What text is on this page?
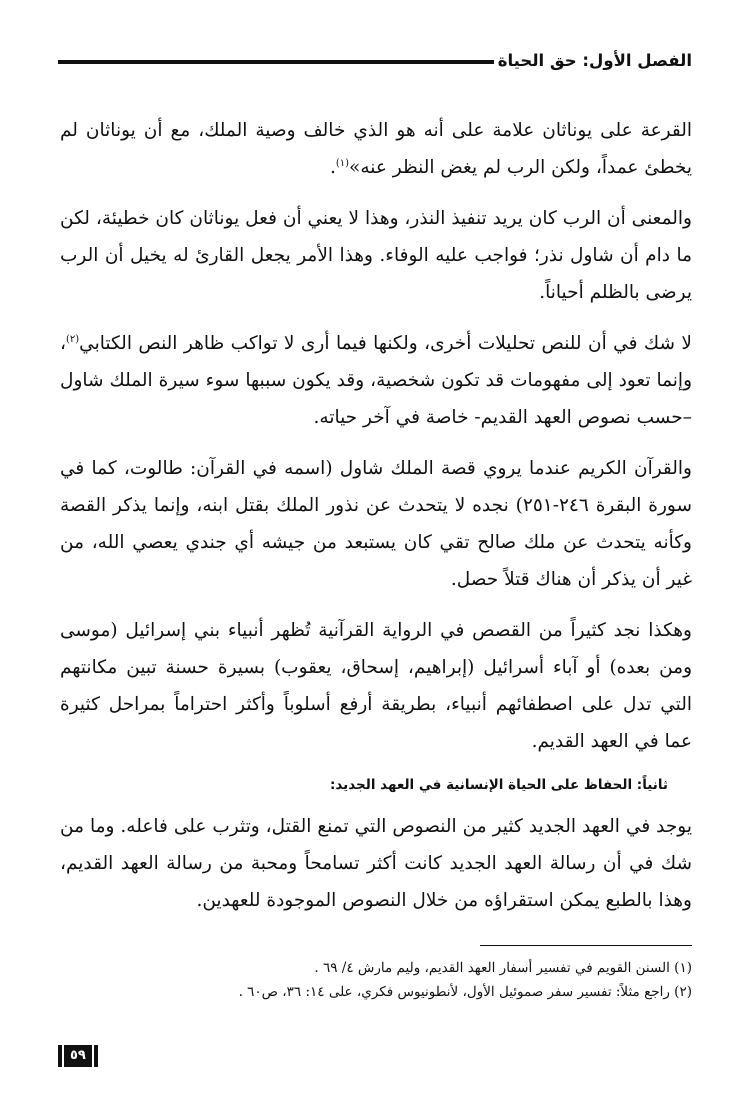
الفصل الأول: حق الحياة

القرعة على يوناثان علامة على أنه هو الذي خالف وصية الملك، مع أن يوناثان لم يخطئ عمداً، ولكن الرب لم يغض النظر عنه»$^{(١)}$.

والمعنى أن الرب كان يريد تنفيذ النذر، وهذا لا يعني أن فعل يوناثان كان خطيئة، لكن ما دام أن شاول نذر؛ فواجب عليه الوفاء. وهذا الأمر يجعل القارئ له يخيل أن الرب يرضى بالظلم أحياناً.

لا شك في أن للنص تحليلات أخرى، ولكنها فيما أرى لا تواكب ظاهر النص الكتابي$^{(٢)}$، وإنما تعود إلى مفهومات قد تكون شخصية، وقد يكون سببها سوء سيرة الملك شاول –حسب نصوص العهد القديم- خاصة في آخر حياته.

والقرآن الكريم عندما يروي قصة الملك شاول (اسمه في القرآن: طالوت، كما في سورة البقرة ٢٤٦-٢٥١) نجده لا يتحدث عن نذور الملك بقتل ابنه، وإنما يذكر القصة وكأنه يتحدث عن ملك صالح تقي كان يستبعد من جيشه أي جندي يعصي الله، من غير أن يذكر أن هناك قتلاً حصل.

وهكذا نجد كثيراً من القصص في الرواية القرآنية تُظهر أنبياء بني إسرائيل (موسى ومن بعده) أو آباء أسرائيل (إبراهيم، إسحاق، يعقوب) بسيرة حسنة تبين مكانتهم التي تدل على اصطفائهم أنبياء، بطريقة أرفع أسلوباً وأكثر احتراماً بمراحل كثيرة عما في العهد القديم.

ثانياً: الحفاظ على الحياة الإنسانية في العهد الجديد:

يوجد في العهد الجديد كثير من النصوص التي تمنع القتل، وتثرب على فاعله. وما من شك في أن رسالة العهد الجديد كانت أكثر تسامحاً ومحبة من رسالة العهد القديم، وهذا بالطبع يمكن استقراؤه من خلال النصوص الموجودة للعهدين.

(١) السنن القويم في تفسير أسفار العهد القديم، وليم مارش ٤/ ٦٩ .

(٢) راجع مثلاً: تفسير سفر صموئيل الأول، لأنطونيوس فكري، على ١٤: ٣٦، ص٦٠ .

٥٩
